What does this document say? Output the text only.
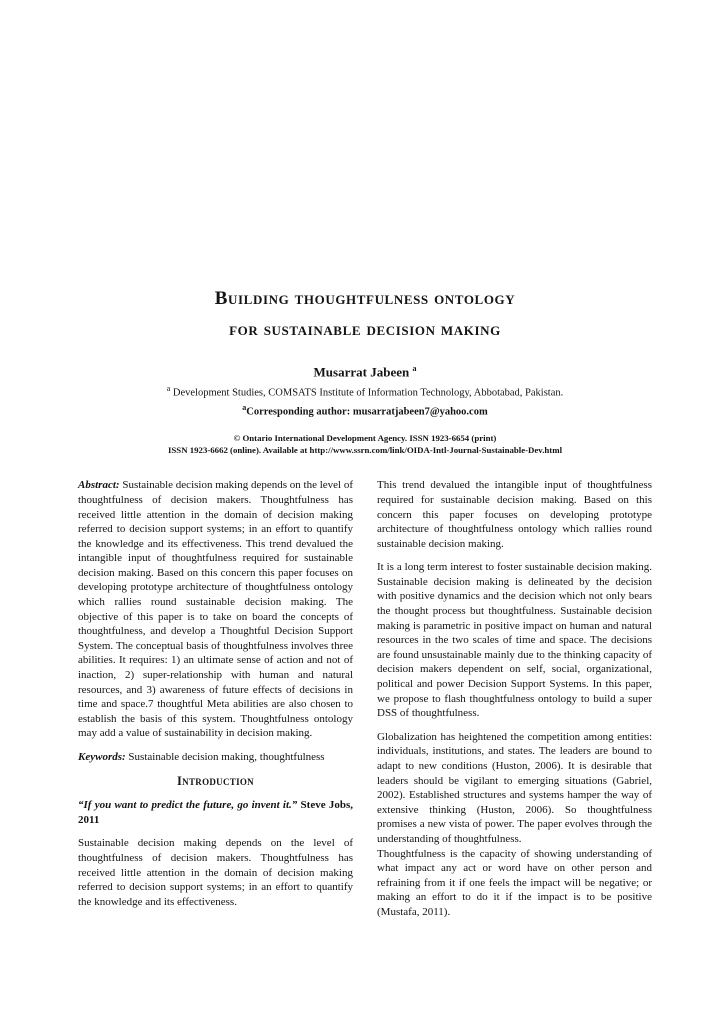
Building thoughtfulness ontology
for sustainable decision making
Musarrat Jabeen $^a$
$^a$ Development Studies, COMSATS Institute of Information Technology, Abbotabad, Pakistan.
$^a$Corresponding author: musarratjabeen7@yahoo.com
© Ontario International Development Agency. ISSN 1923-6654 (print)
ISSN 1923-6662 (online). Available at http://www.ssrn.com/link/OIDA-Intl-Journal-Sustainable-Dev.html

Abstract: Sustainable decision making depends on the level of thoughtfulness of decision makers. Thoughtfulness has received little attention in the domain of decision making referred to decision support systems; in an effort to quantify the knowledge and its effectiveness. This trend devalued the intangible input of thoughtfulness required for sustainable decision making. Based on this concern this paper focuses on developing prototype architecture of thoughtfulness ontology which rallies round sustainable decision making. The objective of this paper is to take on board the concepts of thoughtfulness, and develop a Thoughtful Decision Support System. The conceptual basis of thoughtfulness involves three abilities. It requires: 1) an ultimate sense of action and not of inaction, 2) super-relationship with human and natural resources, and 3) awareness of future effects of decisions in time and space.7 thoughtful Meta abilities are also chosen to establish the basis of this system. Thoughtfulness ontology may add a value of sustainability in decision making.

Keywords: Sustainable decision making, thoughtfulness

Introduction

“If you want to predict the future, go invent it.” Steve Jobs, 2011

Sustainable decision making depends on the level of thoughtfulness of decision makers. Thoughtfulness has received little attention in the domain of decision making referred to decision support systems; in an effort to quantify the knowledge and its effectiveness.

This trend devalued the intangible input of thoughtfulness required for sustainable decision making. Based on this concern this paper focuses on developing prototype architecture of thoughtfulness ontology which rallies round sustainable decision making.

It is a long term interest to foster sustainable decision making. Sustainable decision making is delineated by the decision with positive dynamics and the decision which not only bears the thought process but thoughtfulness. Sustainable decision making is parametric in positive impact on human and natural resources in the two scales of time and space. The decisions are found unsustainable mainly due to the thinking capacity of decision makers dependent on self, social, organizational, political and power Decision Support Systems. In this paper, we propose to flash thoughtfulness ontology to build a super DSS of thoughtfulness.

Globalization has heightened the competition among entities: individuals, institutions, and states. The leaders are bound to adapt to new conditions (Huston, 2006). It is desirable that leaders should be vigilant to emerging situations (Gabriel, 2002). Established structures and systems hamper the way of extensive thinking (Huston, 2006). So thoughtfulness promises a new vista of power. The paper evolves through the understanding of thoughtfulness.

Thoughtfulness is the capacity of showing understanding of what impact any act or word have on other person and refraining from it if one feels the impact will be negative; or making an effort to do it if the impact is to be positive (Mustafa, 2011).
